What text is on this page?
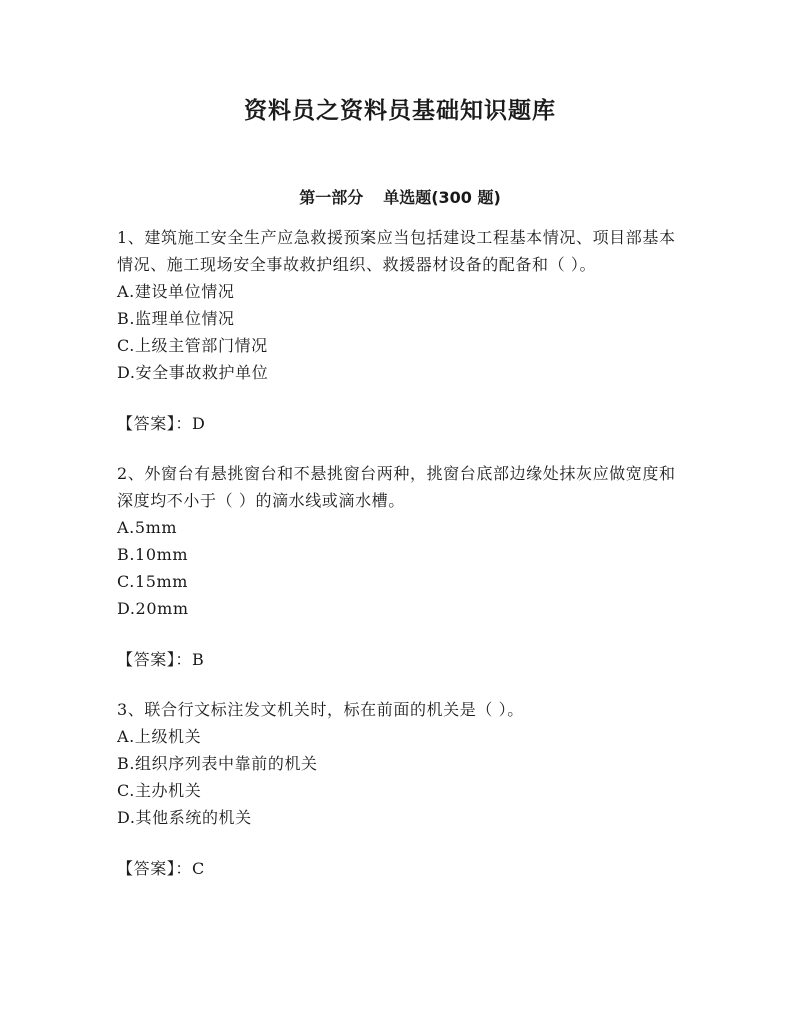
资料员之资料员基础知识题库
第一部分 单选题(300 题)

1、建筑施工安全生产应急救援预案应当包括建设工程基本情况、项目部基本情况、施工现场安全事故救护组织、救援器材设备的配备和（ ）。

A.建设单位情况

B.监理单位情况

C.上级主管部门情况

D.安全事故救护单位

【答案】：D

2、外窗台有悬挑窗台和不悬挑窗台两种，挑窗台底部边缘处抹灰应做宽度和深度均不小于（ ）的滴水线或滴水槽。

A.5mm

B.10mm

C.15mm

D.20mm

【答案】：B

3、联合行文标注发文机关时，标在前面的机关是（ ）。

A.上级机关

B.组织序列表中靠前的机关

C.主办机关

D.其他系统的机关

【答案】：C
